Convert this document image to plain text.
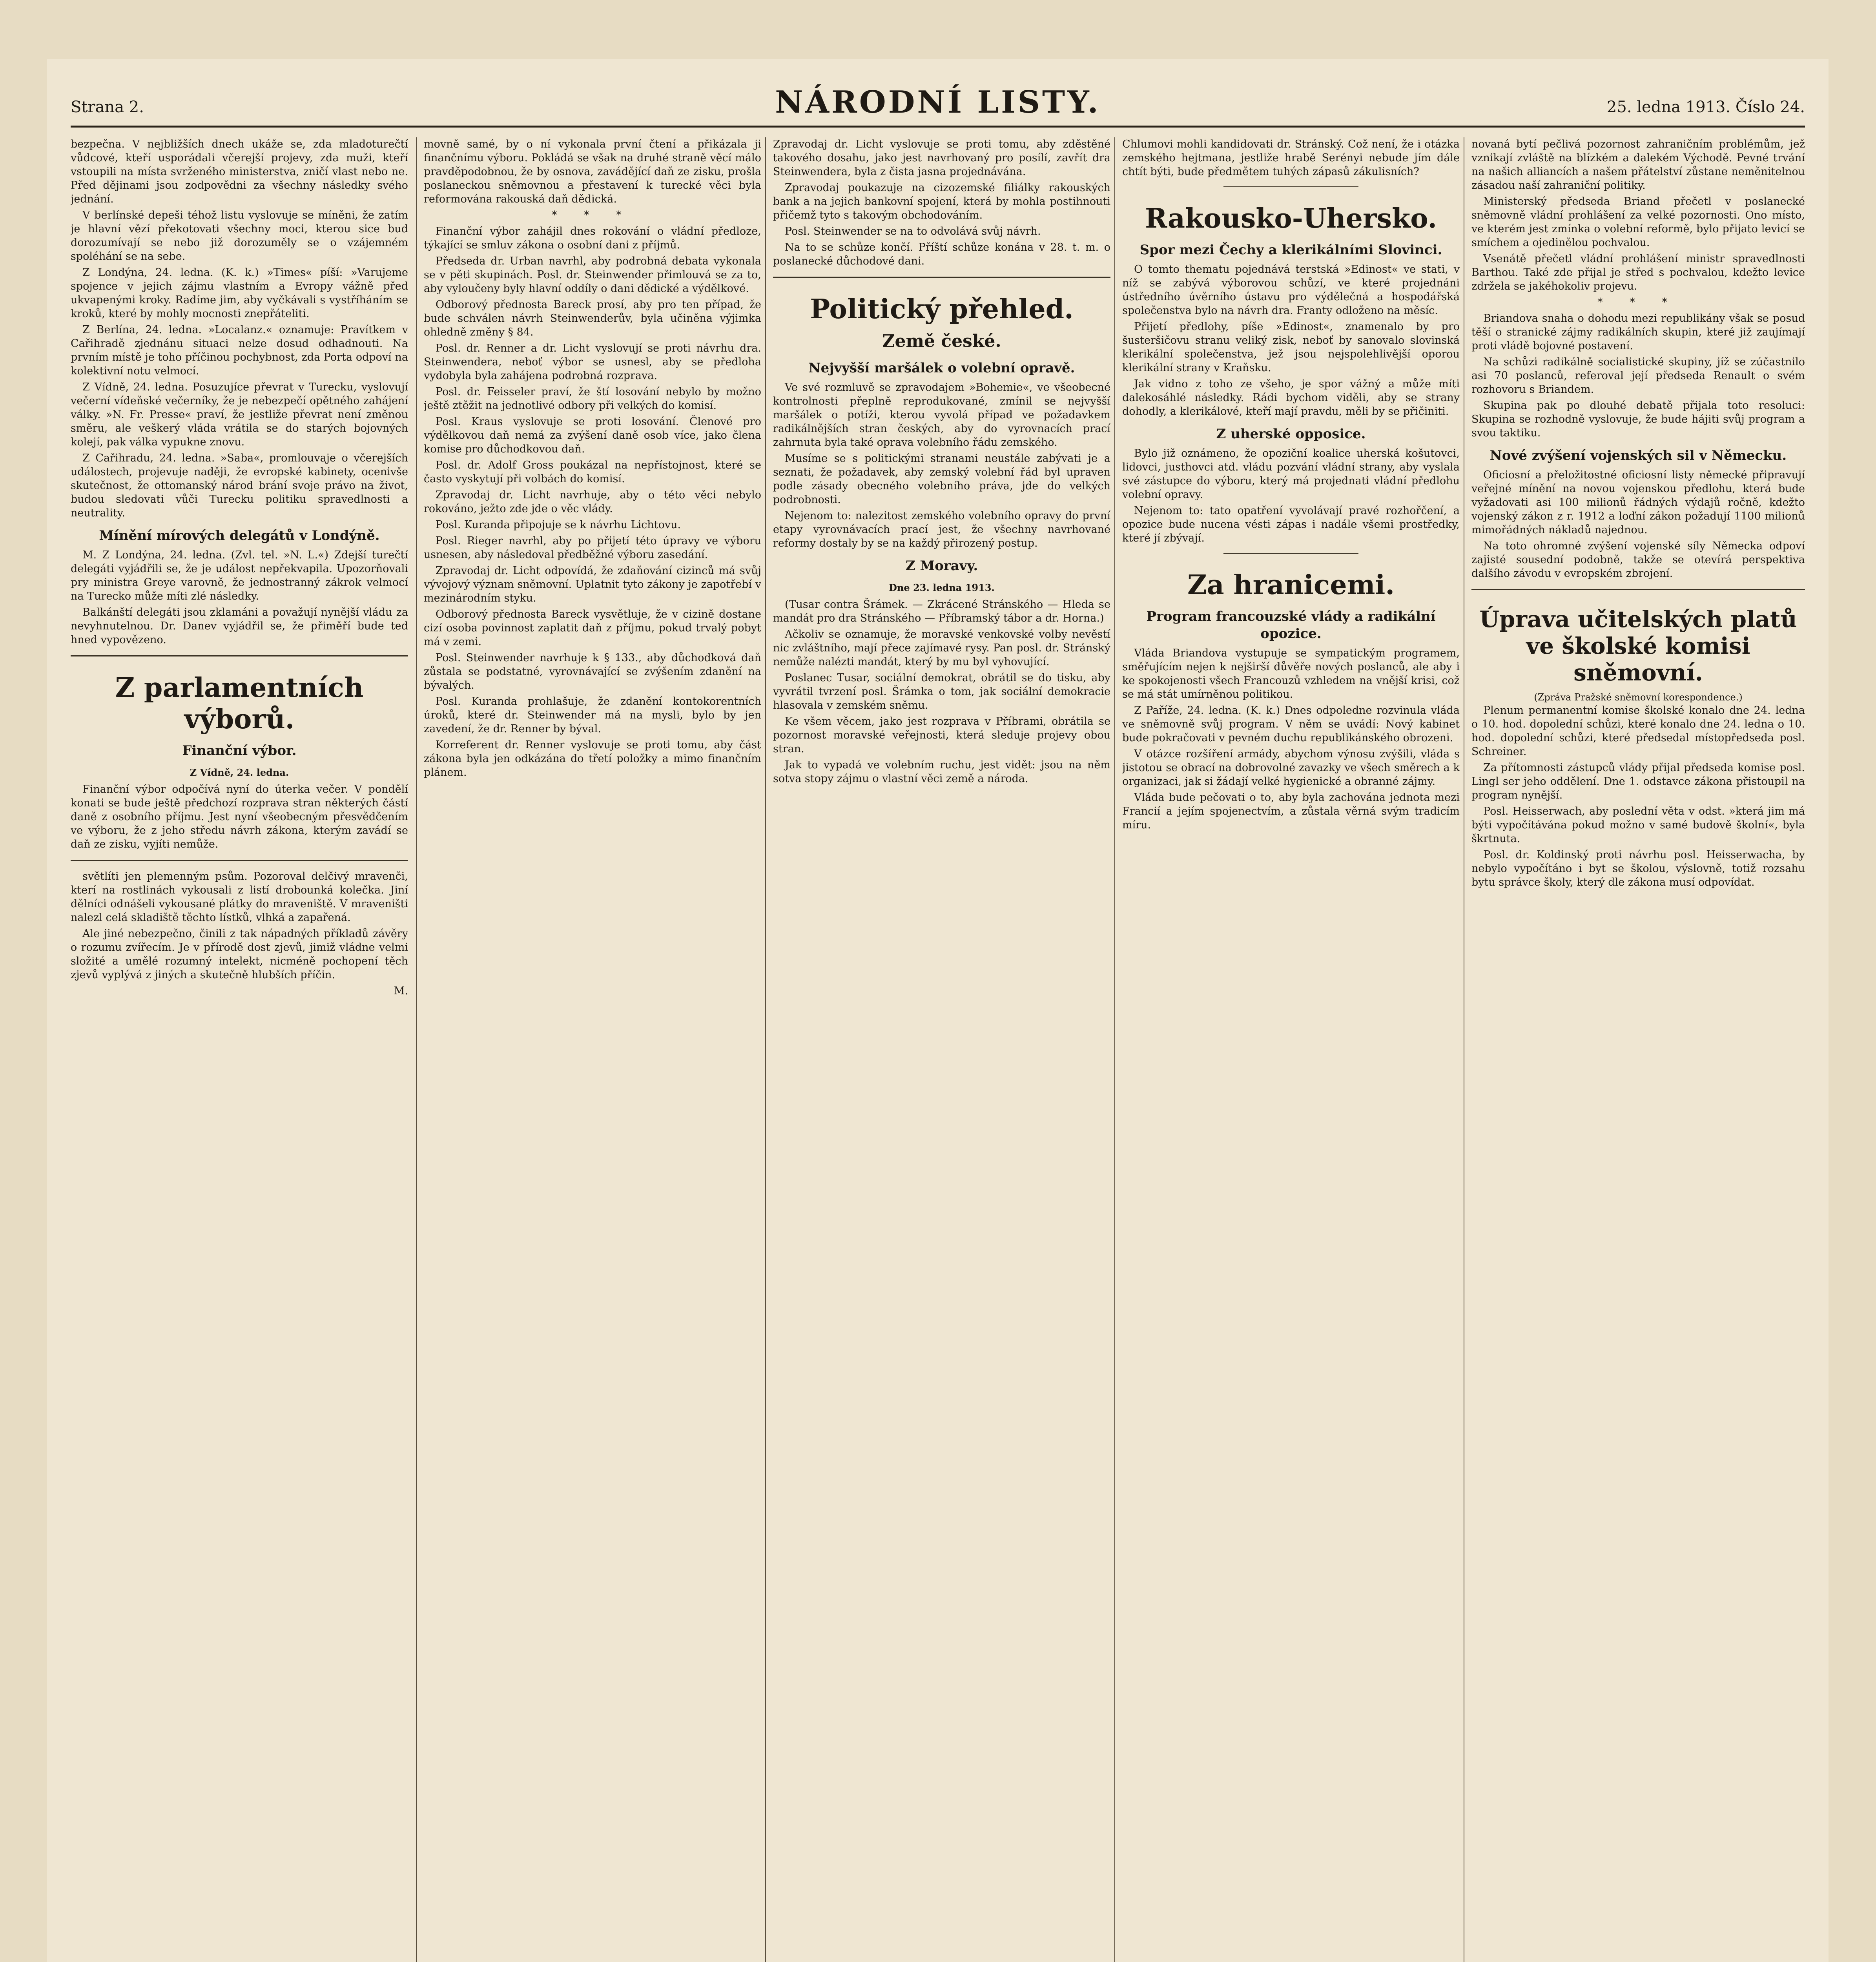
Strana 2.	NÁRODNÍ LISTY.	25. ledna 1913. Číslo 24.

bezpečna. V nejbližších dnech ukáže se, zda mladoturečtí vůdcové, kteří usporádali včerejší projevy, zda muži, kteří vstoupili na místa svrženého ministerstva, zničí vlast nebo ne. Před dějinami jsou zodpovědni za všechny následky svého jednání.

V berlínské depeši téhož listu vyslovuje se míněni, že zatím je hlavní vězí překotovati všechny moci, kterou sice bud dorozumívají se nebo již dorozuměly se o vzájemném spoléhání se na sebe.

Z Londýna, 24. ledna. (K. k.) »Times« píší: »Varujeme spojence v jejich zájmu vlastním a Evropy vážně před ukvapenými kroky. Radíme jim, aby vyčkávali s vystříháním se kroků, které by mohly mocnosti znepřáteliti.

Z Berlína, 24. ledna. »Localanz.« oznamuje: Pravítkem v Cařihradě zjednánu situaci nelze dosud odhadnouti. Na prvním místě je toho příčinou pochybnost, zda Porta odpoví na kolektivní notu velmocí.

Z Vídně, 24. ledna. Posuzujíce převrat v Turecku, vyslovují večerní vídeňské večerníky, že je nebezpečí opětného zahájení války. »N. Fr. Presse« praví, že jestliže převrat není změnou směru, ale veškerý vláda vrátila se do starých bojovných kolejí, pak válka vypukne znovu.

Z Cařihradu, 24. ledna. »Saba«, promlouvaje o včerejších událostech, projevuje naději, že evropské kabinety, ocenivše skutečnost, že ottomanský národ brání svoje právo na život, budou sledovati vůči Turecku politiku spravedlnosti a neutrality.

Mínění mírových delegátů v Londýně.

M. Z Londýna, 24. ledna. (Zvl. tel. »N. L.«) Zdejší turečtí delegáti vyjádřili se, že je událost nepřekvapila. Upozorňovali pry ministra Greye varovně, že jednostranný zákrok velmocí na Turecko může míti zlé následky.

Balkánští delegáti jsou zklamáni a považují nynější vládu za nevyhnutelnou. Dr. Danev vyjádřil se, že přiměří bude teď hned vypovězeno.

Z parlamentních výborů.
Finanční výbor.
Z Vídně, 24. ledna.

Finanční výbor odpočívá nyní do úterka večer. V pondělí konati se bude ještě předchozí rozprava stran některých částí daně z osobního příjmu. Jest nyní všeobecným přesvědčením ve výboru, že z jeho středu návrh zákona, kterým zavádí se daň ze zisku, vyjíti nemůže.

světlíti jen plemenným psům. Pozoroval delčivý mravenči, kterí na rostlinách vykousali z listí drobounká kolečka. Jiní dělníci odnášeli vykousané plátky do mraveniště. V mraveništi nalezl celá skladiště těchto lístků, vlhká a zapařená.

Ale jiné nebezpečno, činili z tak nápadných příkladů závěry o rozumu zvířecím. Je v přírodě dost zjevů, jimiž vládne velmi složité a umělé rozumný intelekt, nicméně pochopení těch zjevů vyplývá z jiných a skutečně hlubších příčin.

M.

movně samé, by o ní vykonala první čtení a přikázala ji finančnímu výboru. Pokládá se však na druhé straně věcí málo pravděpodobnou, že by osnova, zavádějící daň ze zisku, prošla poslaneckou sněmovnou a přestavení k turecké věci byla reformována rakouská daň dědická.

* * *

Finanční výbor zahájil dnes rokování o vládní předloze, týkající se smluv zákona o osobní dani z příjmů.

Předseda dr. Urban navrhl, aby podrobná debata vykonala se v pěti skupinách. Posl. dr. Steinwender přimlouvá se za to, aby vyloučeny byly hlavní oddíly o dani dědické a výdělkové.

Odborový přednosta Bareck prosí, aby pro ten případ, že bude schválen návrh Steinwenderův, byla učiněna výjimka ohledně změny § 84.

Posl. dr. Renner a dr. Licht vyslovují se proti návrhu dra. Steinwendera, neboť výbor se usnesl, aby se předloha vydobyla byla zahájena podrobná rozprava.

Posl. dr. Feisseler praví, že ští losování nebylo by možno ještě ztěžit na jednotlivé odbory při velkých do komisí.

Posl. Kraus vyslovuje se proti losování. Členové pro výdělkovou daň nemá za zvýšení daně osob více, jako člena komise pro důchodkovou daň.

Posl. dr. Adolf Gross poukázal na nepřístojnost, které se často vyskytují při volbách do komisí.

Zpravodaj dr. Licht navrhuje, aby o této věci nebylo rokováno, ježto zde jde o věc vlády.

Posl. Kuranda připojuje se k návrhu Lichtovu.

Posl. Rieger navrhl, aby po přijetí této úpravy ve výboru usnesen, aby následoval předběžné výboru zasedání.

Zpravodaj dr. Licht odpovídá, že zdaňování cizinců má svůj vývojový význam sněmovní. Uplatnit tyto zákony je zapotřebí v mezinárodním styku.

Odborový přednosta Bareck vysvětluje, že v cizině dostane cizí osoba povinnost zaplatit daň z příjmu, pokud trvalý pobyt má v zemi.

Posl. Steinwender navrhuje k § 133., aby důchodková daň zůstala se podstatné, vyrovnávající se zvýšením zdanění na bývalých.

Posl. Kuranda prohlašuje, že zdanění kontokorentních úroků, které dr. Steinwender má na mysli, bylo by jen zavedení, že dr. Renner by býval.

Korreferent dr. Renner vyslovuje se proti tomu, aby část zákona byla jen odkázána do třetí položky a mimo finančním plánem.

Zpravodaj dr. Licht vyslovuje se proti tomu, aby zděstěné takového dosahu, jako jest navrhovaný pro posílí, zavřít dra Steinwendera, byla z čista jasna projednávána.

Zpravodaj poukazuje na cizozemské filiálky rakouských bank a na jejich bankovní spojení, která by mohla postihnouti přičemž tyto s takovým obchodováním.

Posl. Steinwender se na to odvolává svůj návrh.

Na to se schůze končí. Příští schůze konána v 28. t. m. o poslanecké důchodové dani.

Politický přehled.
Země české.
Nejvyšší maršálek o volební opravě.

Ve své rozmluvě se zpravodajem »Bohemie«, ve všeobecné kontrolnosti přeplně reprodukované, zmínil se nejvyšší maršálek o potíži, kterou vyvolá případ ve požadavkem radikálnějších stran českých, aby do vyrovnacích prací zahrnuta byla také oprava volebního řádu zemského.

Musíme se s politickými stranami neustále zabývati je a seznati, že požadavek, aby zemský volební řád byl upraven podle zásady obecného volebního práva, jde do velkých podrobnosti.

Nejenom to: nalezitost zemského volebního opravy do první etapy vyrovnávacích prací jest, že všechny navrhované reformy dostaly by se na každý přirozený postup.

Z Moravy.
Dne 23. ledna 1913.

(Tusar contra Šrámek. — Zkrácené Stránského — Hleda se mandát pro dra Stránského — Příbramský tábor a dr. Horna.)

Ačkoliv se oznamuje, že moravské venkovské volby nevěstí nic zvláštního, mají přece zajímavé rysy. Pan posl. dr. Stránský nemůže nalézti mandát, který by mu byl vyhovující.

Poslanec Tusar, sociální demokrat, obrátil se do tisku, aby vyvrátil tvrzení posl. Šrámka o tom, jak sociální demokracie hlasovala v zemském sněmu.

Ke všem věcem, jako jest rozprava v Příbrami, obrátila se pozornost moravské veřejnosti, která sleduje projevy obou stran.

Jak to vypadá ve volebním ruchu, jest vidět: jsou na něm sotva stopy zájmu o vlastní věci země a národa.

Chlumovi mohli kandidovati dr. Stránský. Což není, že i otázka zemského hejtmana, jestliže hrabě Serényi nebude jím dále chtít býti, bude předmětem tuhých zápasů zákulisních?

Rakousko-Uhersko.
Spor mezi Čechy a klerikálními Slovinci.

O tomto thematu pojednává terstská »Edinost« ve stati, v níž se zabývá výborovou schůzí, ve které projednáni ústředního úvěrního ústavu pro výdělečná a hospodářská společenstva bylo na návrh dra. Franty odloženo na měsíc.

Přijetí předlohy, píše »Edinost«, znamenalo by pro šusteršičovu stranu veliký zisk, neboť by sanovalo slovinská klerikální společenstva, jež jsou nejspolehlivější oporou klerikální strany v Kraňsku.

Jak vidno z toho ze všeho, je spor vážný a může míti dalekosáhlé následky. Rádi bychom viděli, aby se strany dohodly, a klerikálové, kteří mají pravdu, měli by se přičiniti.

Z uherské opposice.

Bylo již oznámeno, že opoziční koalice uherská košutovci, lidovci, justhovci atd. vládu pozvání vládní strany, aby vyslala své zástupce do výboru, který má projednati vládní předlohu volební opravy.

Nejenom to: tato opatření vyvolávají pravé rozhořčení, a opozice bude nucena vésti zápas i nadále všemi prostředky, které jí zbývají.

Za hranicemi.
Program francouzské vlády a radikální opozice.

Vláda Briandova vystupuje se sympatickým programem, směřujícím nejen k nejširší důvěře nových poslanců, ale aby i ke spokojenosti všech Francouzů vzhledem na vnější krisi, což se má stát umírněnou politikou.

Z Paříže, 24. ledna. (K. k.) Dnes odpoledne rozvinula vláda ve sněmovně svůj program. V něm se uvádí: Nový kabinet bude pokračovati v pevném duchu republikánského obrozeni.

V otázce rozšíření armády, abychom výnosu zvýšili, vláda s jistotou se obrací na dobrovolné zavazky ve všech směrech a k organizaci, jak si žádají velké hygienické a obranné zájmy.

Vláda bude pečovati o to, aby byla zachována jednota mezi Francií a jejím spojenectvím, a zůstala věrná svým tradicím míru.

novaná bytí pečlivá pozornost zahraničním problémům, jež vznikají zvláště na blízkém a dalekém Východě. Pevné trvání na našich alliancích a našem přátelství zůstane neměnitelnou zásadou naší zahraniční politiky.

Ministerský předseda Briand přečetl v poslanecké sněmovně vládní prohlášení za velké pozornosti. Ono místo, ve kterém jest zmínka o volební reformě, bylo přijato levicí se smíchem a ojedinělou pochvalou.

Vsenátě přečetl vládní prohlášení ministr spravedlnosti Barthou. Také zde přijal je střed s pochvalou, kdežto levice zdržela se jakéhokoliv projevu.

* * *

Briandova snaha o dohodu mezi republikány však se posud těší o stranické zájmy radikálních skupin, které již zaujímají proti vládě bojovné postavení.

Na schůzi radikálně socialistické skupiny, jíž se zúčastnilo asi 70 poslanců, referoval její předseda Renault o svém rozhovoru s Briandem.

Skupina pak po dlouhé debatě přijala toto resoluci: Skupina se rozhodně vyslovuje, že bude hájiti svůj program a svou taktiku.

Nové zvýšení vojenských sil v Německu.

Oficiosní a přeložitostné oficiosní listy německé připravují veřejné mínění na novou vojenskou předlohu, která bude vyžadovati asi 100 milionů řádných výdajů ročně, kdežto vojenský zákon z r. 1912 a loďní zákon požadují 1100 milionů mimořádných nákladů najednou.

Na toto ohromné zvýšení vojenské síly Německa odpoví zajisté sousední podobně, takže se otevírá perspektiva dalšího závodu v evropském zbrojení.

Úprava učitelských platů ve školské komisi sněmovní.
(Zpráva Pražské sněmovní korespondence.)

Plenum permanentní komise školské konalo dne 24. ledna o 10. hod. dopolední schůzi, které konalo dne 24. ledna o 10. hod. dopolední schůzi, které předsedal místopředseda posl. Schreiner.

Za přítomnosti zástupců vlády přijal předseda komise posl. Lingl ser jeho oddělení. Dne 1. odstavce zákona přistoupil na program nynější.

Posl. Heisserwach, aby poslední věta v odst. »která jim má býti vypočítávána pokud možno v samé budově školní«, byla škrtnuta.

Posl. dr. Koldinský proti návrhu posl. Heisserwacha, by nebylo vypočítáno i byt se školou, výslovně, totiž rozsahu bytu správce školy, který dle zákona musí odpovídat.
